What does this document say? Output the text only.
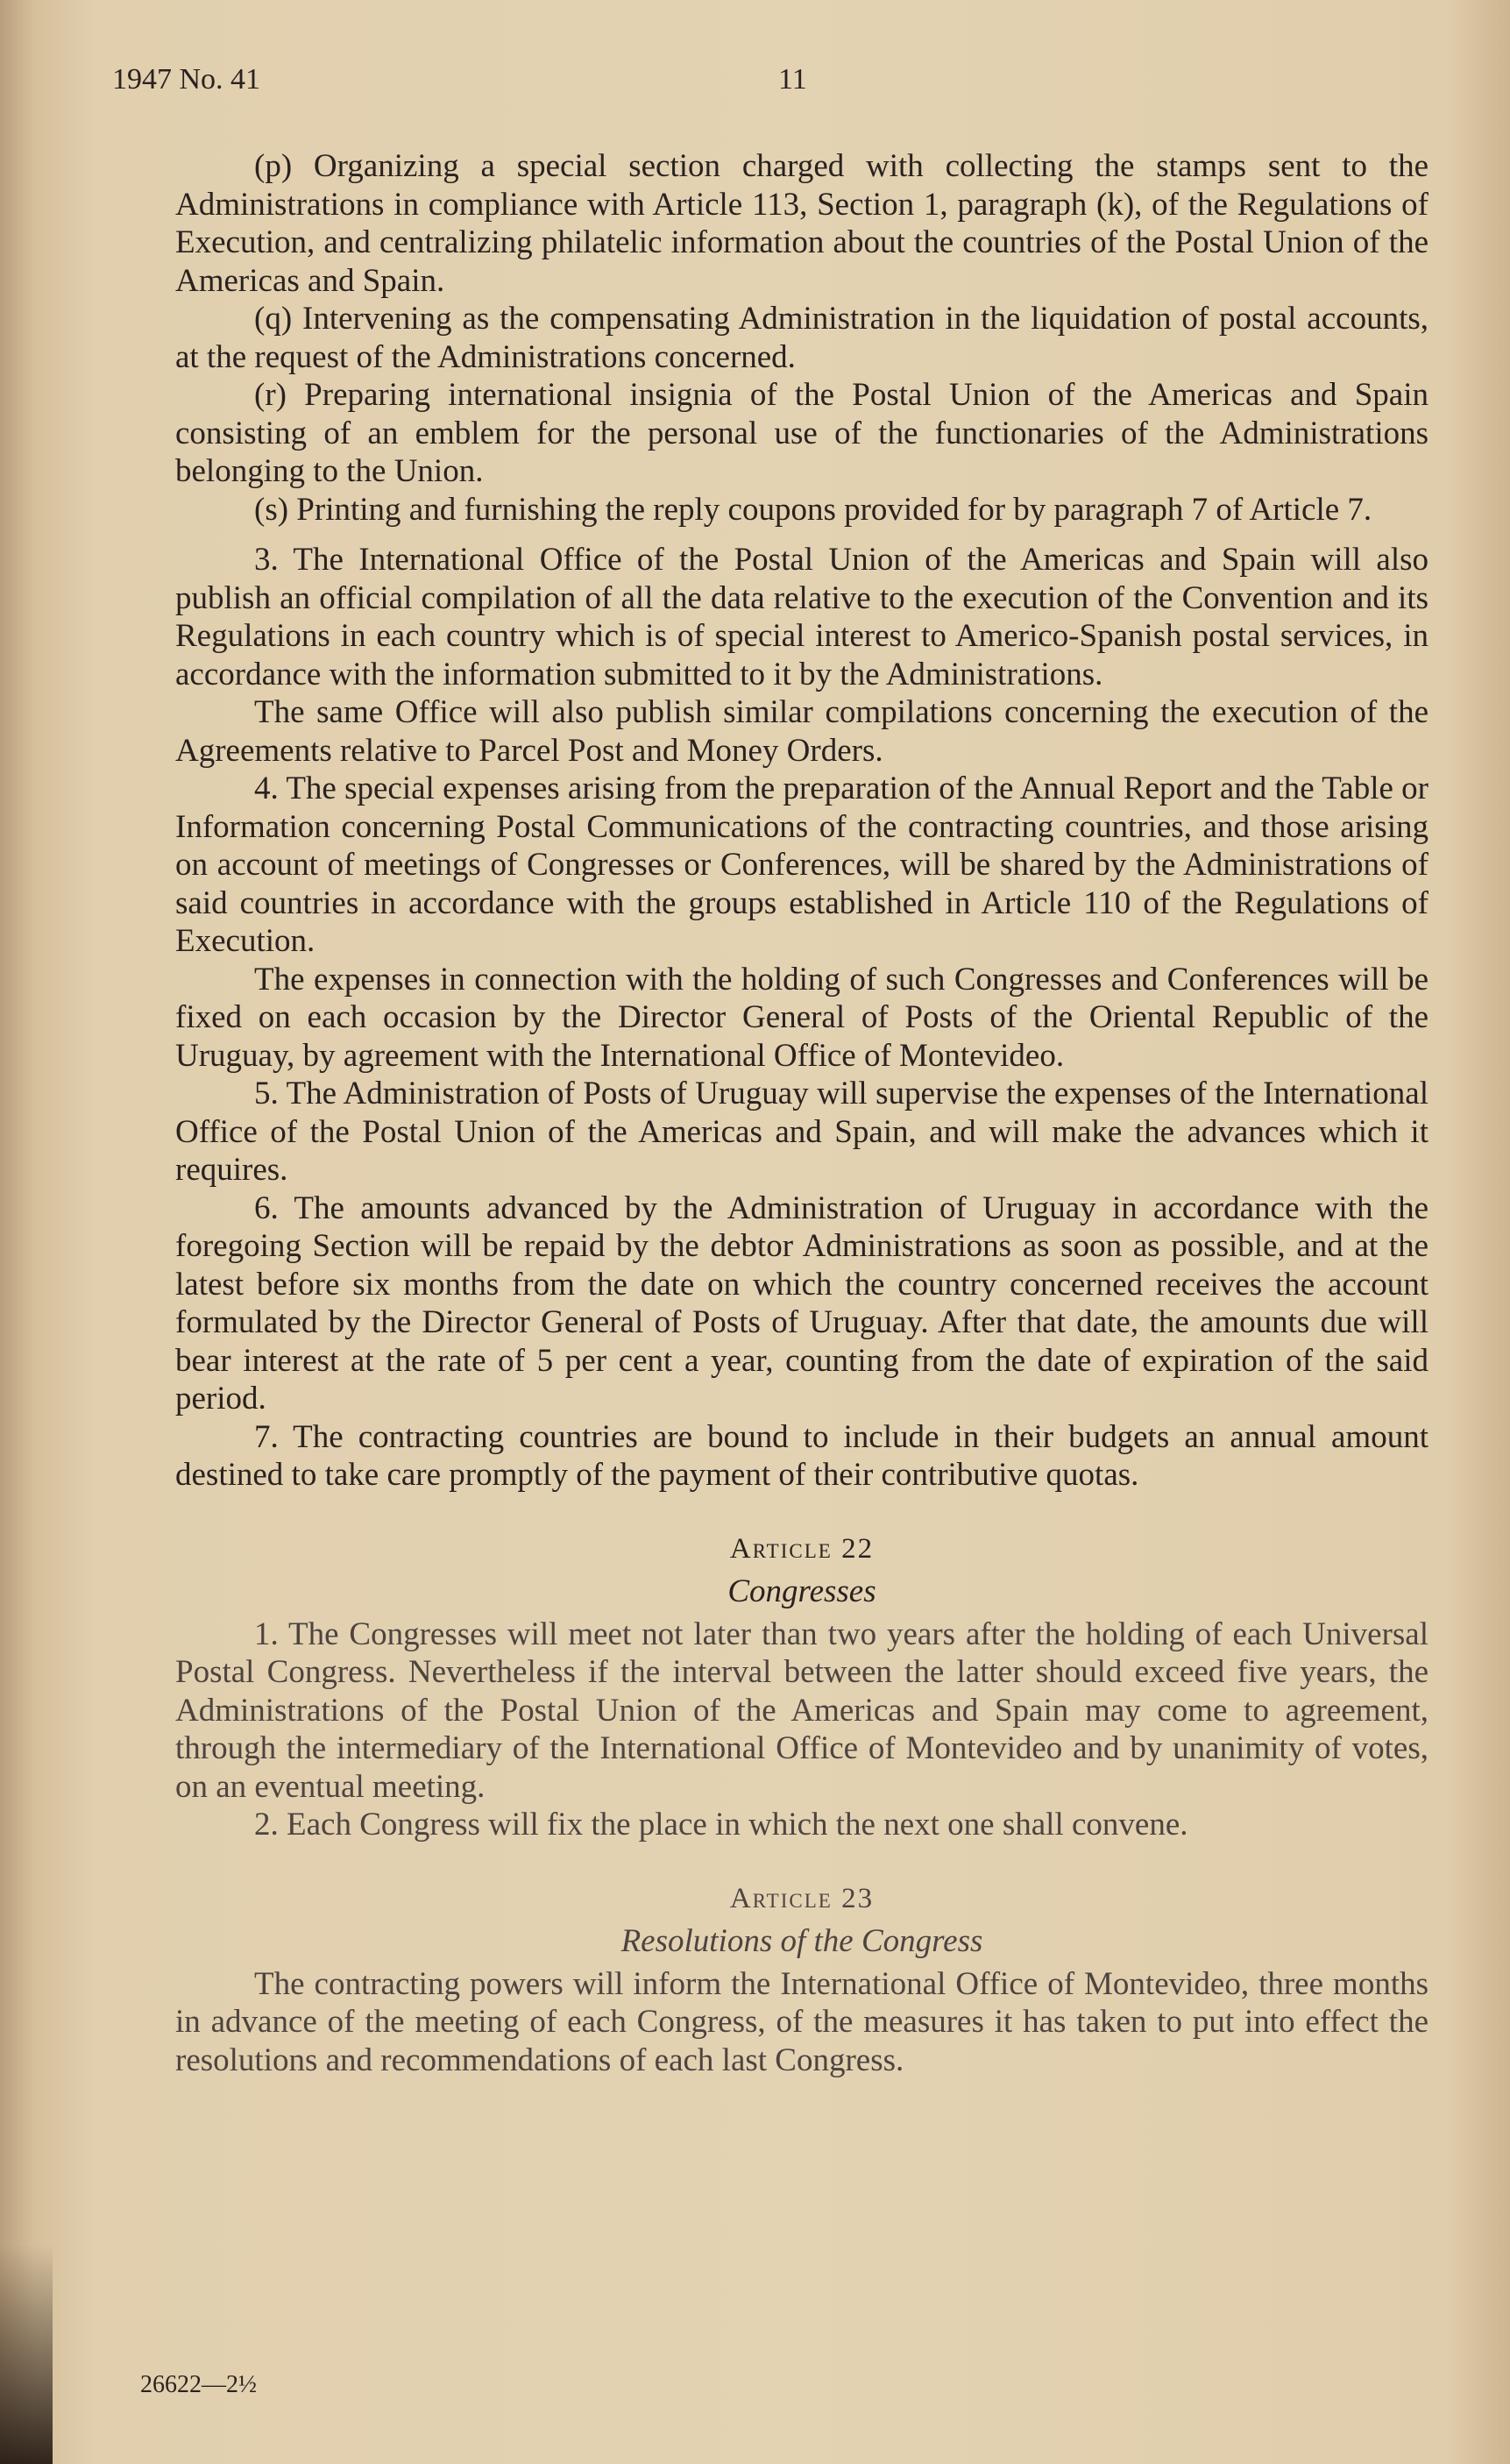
1947 No. 41	11

(p) Organizing a special section charged with collecting the stamps sent to the Administrations in compliance with Article 113, Section 1, paragraph (k), of the Regulations of Execution, and centralizing philatelic information about the countries of the Postal Union of the Americas and Spain.

(q) Intervening as the compensating Administration in the liquidation of postal accounts, at the request of the Administrations concerned.

(r) Preparing international insignia of the Postal Union of the Americas and Spain consisting of an emblem for the personal use of the functionaries of the Administrations belonging to the Union.

(s) Printing and furnishing the reply coupons provided for by paragraph 7 of Article 7.

3. The International Office of the Postal Union of the Americas and Spain will also publish an official compilation of all the data relative to the execution of the Convention and its Regulations in each country which is of special interest to Americo-Spanish postal services, in accordance with the information submitted to it by the Administrations.

The same Office will also publish similar compilations concerning the execution of the Agreements relative to Parcel Post and Money Orders.

4. The special expenses arising from the preparation of the Annual Report and the Table or Information concerning Postal Communications of the contracting countries, and those arising on account of meetings of Congresses or Conferences, will be shared by the Administrations of said countries in accordance with the groups established in Article 110 of the Regulations of Execution.

The expenses in connection with the holding of such Congresses and Conferences will be fixed on each occasion by the Director General of Posts of the Oriental Republic of the Uruguay, by agreement with the International Office of Montevideo.

5. The Administration of Posts of Uruguay will supervise the expenses of the International Office of the Postal Union of the Americas and Spain, and will make the advances which it requires.

6. The amounts advanced by the Administration of Uruguay in accordance with the foregoing Section will be repaid by the debtor Administrations as soon as possible, and at the latest before six months from the date on which the country concerned receives the account formulated by the Director General of Posts of Uruguay. After that date, the amounts due will bear interest at the rate of 5 per cent a year, counting from the date of expiration of the said period.

7. The contracting countries are bound to include in their budgets an annual amount destined to take care promptly of the payment of their contributive quotas.

Article 22
Congresses

1. The Congresses will meet not later than two years after the holding of each Universal Postal Congress. Nevertheless if the interval between the latter should exceed five years, the Administrations of the Postal Union of the Americas and Spain may come to agreement, through the intermediary of the International Office of Montevideo and by unanimity of votes, on an eventual meeting.

2. Each Congress will fix the place in which the next one shall convene.

Article 23
Resolutions of the Congress

The contracting powers will inform the International Office of Montevideo, three months in advance of the meeting of each Congress, of the measures it has taken to put into effect the resolutions and recommendations of each last Congress.

26622—2½
